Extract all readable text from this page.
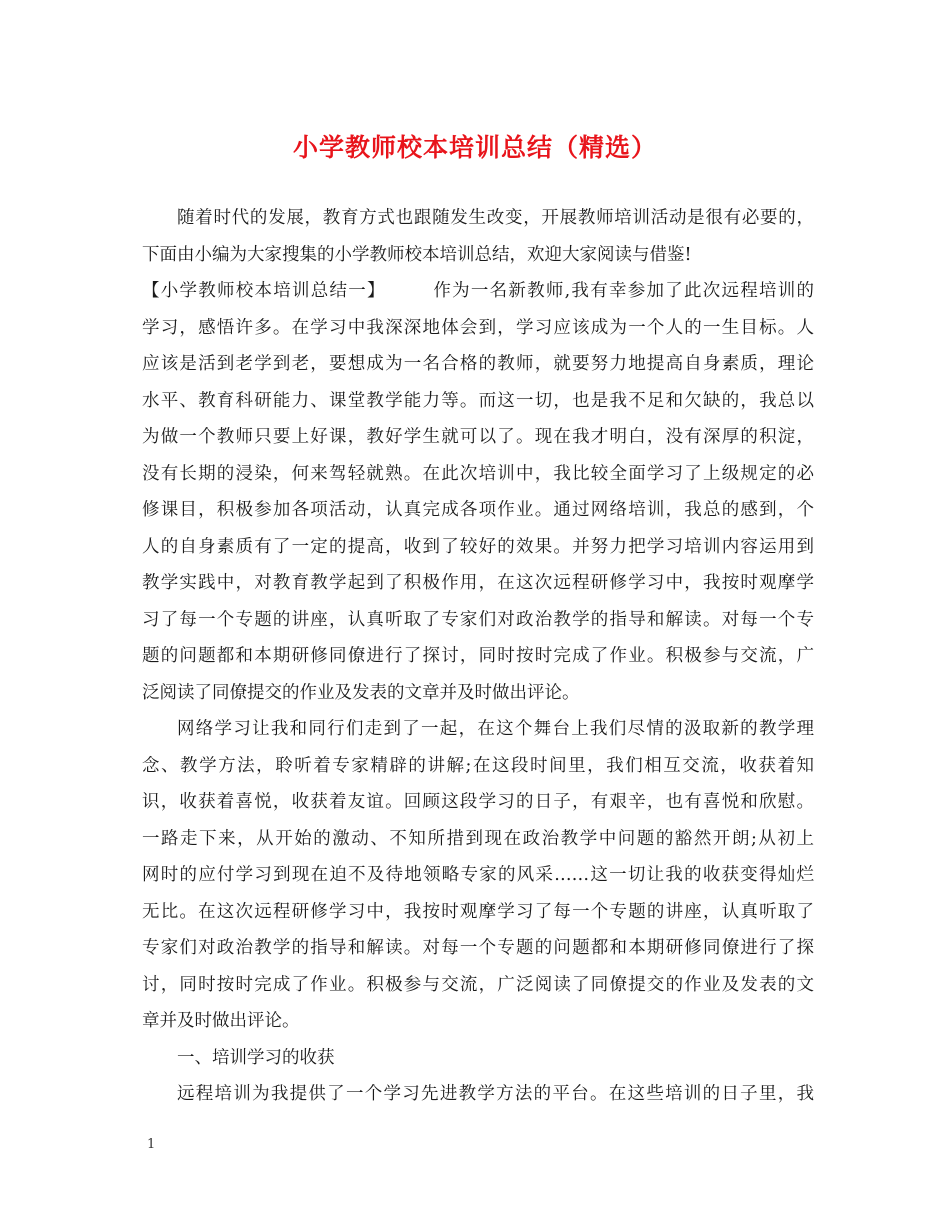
小学教师校本培训总结（精选）
随着时代的发展，教育方式也跟随发生改变，开展教师培训活动是很有必要的，
下面由小编为大家搜集的小学教师校本培训总结，欢迎大家阅读与借鉴!
【小学教师校本培训总结一】　　　作为一名新教师,我有幸参加了此次远程培训的
学习，感悟许多。在学习中我深深地体会到，学习应该成为一个人的一生目标。人
应该是活到老学到老，要想成为一名合格的教师，就要努力地提高自身素质，理论
水平、教育科研能力、课堂教学能力等。而这一切，也是我不足和欠缺的，我总以
为做一个教师只要上好课，教好学生就可以了。现在我才明白，没有深厚的积淀，
没有长期的浸染，何来驾轻就熟。在此次培训中，我比较全面学习了上级规定的必
修课目，积极参加各项活动，认真完成各项作业。通过网络培训，我总的感到，个
人的自身素质有了一定的提高，收到了较好的效果。并努力把学习培训内容运用到
教学实践中，对教育教学起到了积极作用，在这次远程研修学习中，我按时观摩学
习了每一个专题的讲座，认真听取了专家们对政治教学的指导和解读。对每一个专
题的问题都和本期研修同僚进行了探讨，同时按时完成了作业。积极参与交流，广
泛阅读了同僚提交的作业及发表的文章并及时做出评论。
网络学习让我和同行们走到了一起，在这个舞台上我们尽情的汲取新的教学理
念、教学方法，聆听着专家精辟的讲解;在这段时间里，我们相互交流，收获着知
识，收获着喜悦，收获着友谊。回顾这段学习的日子，有艰辛，也有喜悦和欣慰。
一路走下来，从开始的激动、不知所措到现在政治教学中问题的豁然开朗;从初上
网时的应付学习到现在迫不及待地领略专家的风采……这一切让我的收获变得灿烂
无比。在这次远程研修学习中，我按时观摩学习了每一个专题的讲座，认真听取了
专家们对政治教学的指导和解读。对每一个专题的问题都和本期研修同僚进行了探
讨，同时按时完成了作业。积极参与交流，广泛阅读了同僚提交的作业及发表的文
章并及时做出评论。
一、培训学习的收获
远程培训为我提供了一个学习先进教学方法的平台。在这些培训的日子里，我
1
